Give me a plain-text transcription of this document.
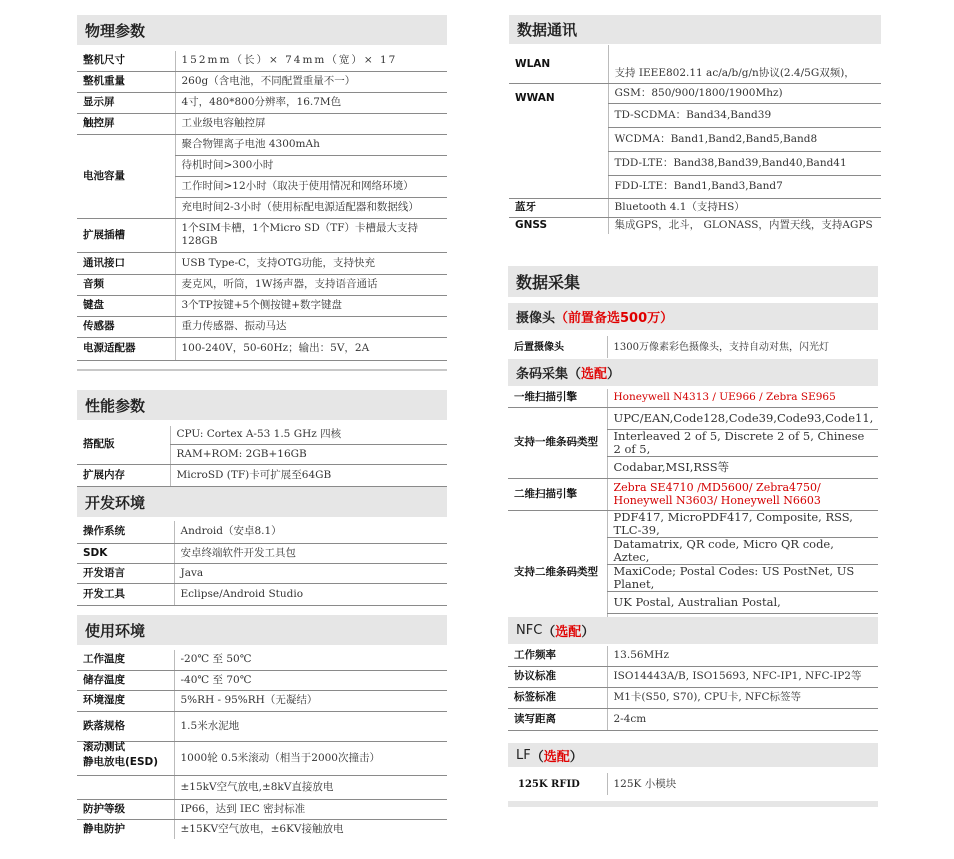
物理参数
整机尺寸	152mm（长）× 74mm（宽）× 17
整机重量	260g（含电池，不同配置重量不一）
显示屏	4寸，480*800分辨率，16.7M色
触控屏	工业级电容触控屏
电池容量	聚合物锂离子电池 4300mAh
	待机时间>300小时
	工作时间>12小时（取决于使用情况和网络环境）
	充电时间2-3小时（使用标配电源适配器和数据线）
扩展插槽	1个SIM卡槽，1个Micro SD（TF）卡槽最大支持128GB
通讯接口	USB Type-C，支持OTG功能，支持快充
音频	麦克风，听筒，1W扬声器，支持语音通话
键盘	3个TP按键+5个侧按键+数字键盘
传感器	重力传感器、振动马达
电源适配器	100-240V，50-60Hz；输出：5V，2A
性能参数
搭配版	CPU: Cortex A-53 1.5 GHz 四核
	RAM+ROM: 2GB+16GB
扩展内存	MicroSD (TF)卡可扩展至64GB
开发环境
操作系统	Android（安卓8.1）
SDK	安卓终端软件开发工具包
开发语言	Java
开发工具	Eclipse/Android Studio
使用环境
工作温度	-20℃ 至 50℃
储存温度	-40℃ 至 70℃
环境湿度	5%RH - 95%RH（无凝结）
跌落规格	1.5米水泥地

滚动测试
静电放电(ESD)	1000轮 0.5米滚动（相当于2000次撞击）
	±15kV空气放电,±8kV直接放电
防护等级	IP66，达到 IEC 密封标准
静电防护	±15KV空气放电，±6KV接触放电
数据通讯
WLAN	支持 IEEE802.11 ac/a/b/g/n协议(2.4/5G双频)，
WWAN	GSM：850/900/1800/1900Mhz)
	TD-SCDMA：Band34,Band39
	WCDMA：Band1,Band2,Band5,Band8
	TDD-LTE：Band38,Band39,Band40,Band41
	FDD-LTE：Band1,Band3,Band7
蓝牙	Bluetooth 4.1（支持HS）
GNSS	集成GPS，北斗， GLONASS，内置天线，支持AGPS
数据采集
摄像头 （前置备选500万）
后置摄像头	1300万像素彩色摄像头，支持自动对焦，闪光灯
条码采集 （ 选配 ）
一维扫描引擎	Honeywell N4313 / UE966 / Zebra SE965
支持一维条码类型	UPC/EAN,Code128,Code39,Code93,Code11,
	Interleaved 2 of 5, Discrete 2 of 5, Chinese 2 of 5,
	Codabar,MSI,RSS等
二维扫描引擎	Zebra SE4710 /MD5600/ Zebra4750/ Honeywell N3603/ Honeywell N6603
支持二维条码类型	PDF417, MicroPDF417, Composite, RSS, TLC-39,
	Datamatrix, QR code, Micro QR code, Aztec,
	MaxiCode; Postal Codes: US PostNet, US Planet,
	UK Postal, Australian Postal,

NFC （ 选配 ）
工作频率	13.56MHz
协议标准	ISO14443A/B, ISO15693, NFC-IP1, NFC-IP2等
标签标准	M1卡(S50, S70), CPU卡, NFC标签等
读写距离	2-4cm
LF （ 选配 ）
125K RFID	125K 小模块
